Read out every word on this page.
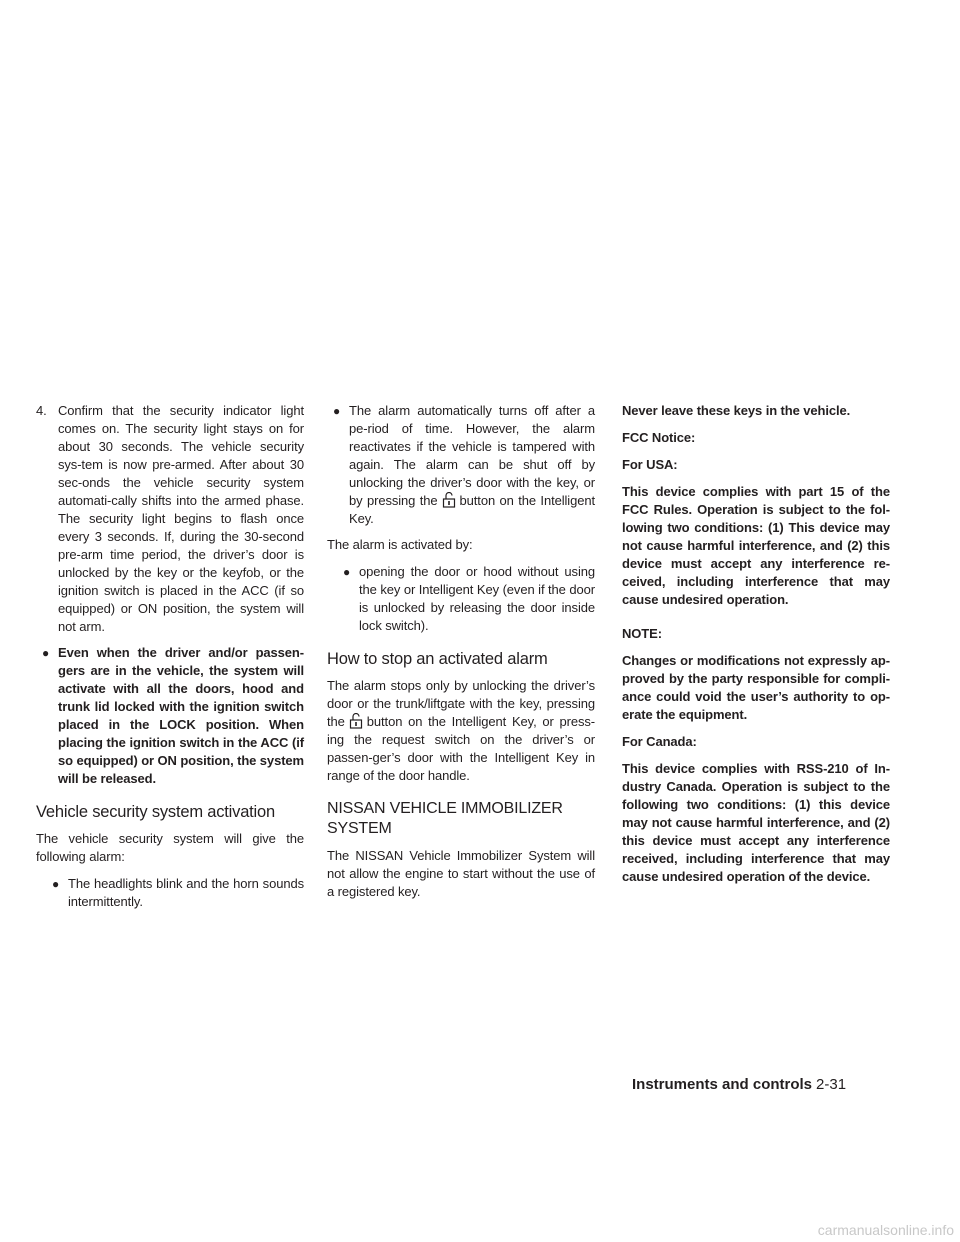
4. Confirm that the security indicator light comes on. The security light stays on for about 30 seconds. The vehicle security sys-tem is now pre-armed. After about 30 sec-onds the vehicle security system automati-cally shifts into the armed phase. The security light begins to flash once every 3 seconds. If, during the 30-second pre-arm time period, the driver’s door is unlocked by the key or the keyfob, or the ignition switch is placed in the ACC (if so equipped) or ON position, the system will not arm.
● Even when the driver and/or passen-gers are in the vehicle, the system will activate with all the doors, hood and trunk lid locked with the ignition switch placed in the LOCK position. When placing the ignition switch in the ACC (if so equipped) or ON position, the system will be released.
Vehicle security system activation

The vehicle security system will give the following alarm:

● The headlights blink and the horn sounds intermittently.
● The alarm automatically turns off after a pe-riod of time. However, the alarm reactivates if the vehicle is tampered with again. The alarm can be shut off by unlocking the driver’s door with the key, or by pressing the button on the Intelligent Key.

The alarm is activated by:

● opening the door or hood without using the key or Intelligent Key (even if the door is unlocked by releasing the door inside lock switch).
How to stop an activated alarm

The alarm stops only by unlocking the driver’s door or the trunk/liftgate with the key, pressing the button on the Intelligent Key, or press-ing the request switch on the driver’s or passen-ger’s door with the Intelligent Key in range of the door handle.

NISSAN VEHICLE IMMOBILIZER SYSTEM

The NISSAN Vehicle Immobilizer System will not allow the engine to start without the use of a registered key.

Never leave these keys in the vehicle.

FCC Notice:

For USA:

This device complies with part 15 of the FCC Rules. Operation is subject to the fol-lowing two conditions: (1) This device may not cause harmful interference, and (2) this device must accept any interference re-ceived, including interference that may cause undesired operation.

NOTE:

Changes or modifications not expressly ap-proved by the party responsible for compli-ance could void the user’s authority to op-erate the equipment.

For Canada:

This device complies with RSS-210 of In-dustry Canada. Operation is subject to the following two conditions: (1) this device may not cause harmful interference, and (2) this device must accept any interference received, including interference that may cause undesired operation of the device.

Instruments and controls 2-31
carmanualsonline.info
